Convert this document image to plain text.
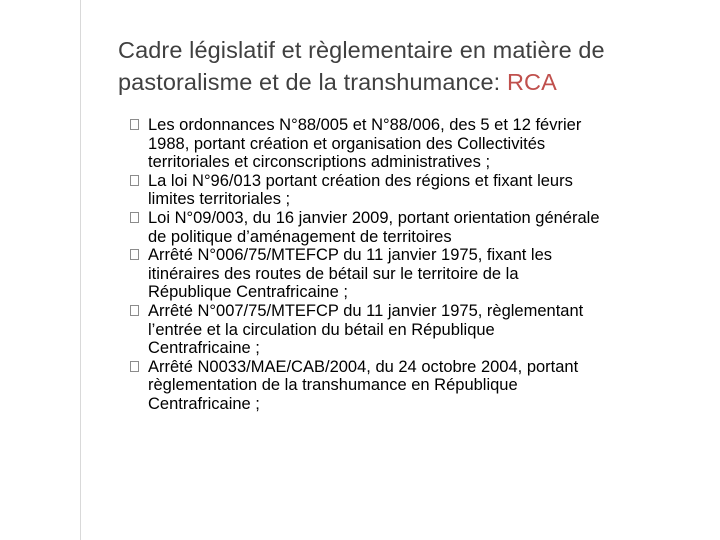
Cadre législatif et règlementaire en matière de
pastoralisme et de la transhumance: RCA
Les ordonnances N°88/005 et N°88/006, des 5 et 12 février
1988, portant création et organisation des Collectivités
territoriales et circonscriptions administratives ;
La loi N°96/013 portant création des régions et fixant leurs
limites territoriales ;
Loi N°09/003, du 16 janvier 2009, portant orientation générale
de politique d’aménagement de territoires
Arrêté N°006/75/MTEFCP du 11 janvier 1975, fixant les
itinéraires des routes de bétail sur le territoire de la
République Centrafricaine ;
Arrêté N°007/75/MTEFCP du 11 janvier 1975, règlementant
l’entrée et la circulation du bétail en République
Centrafricaine ;
Arrêté N0033/MAE/CAB/2004, du 24 octobre 2004, portant
règlementation de la transhumance en République
Centrafricaine ;
